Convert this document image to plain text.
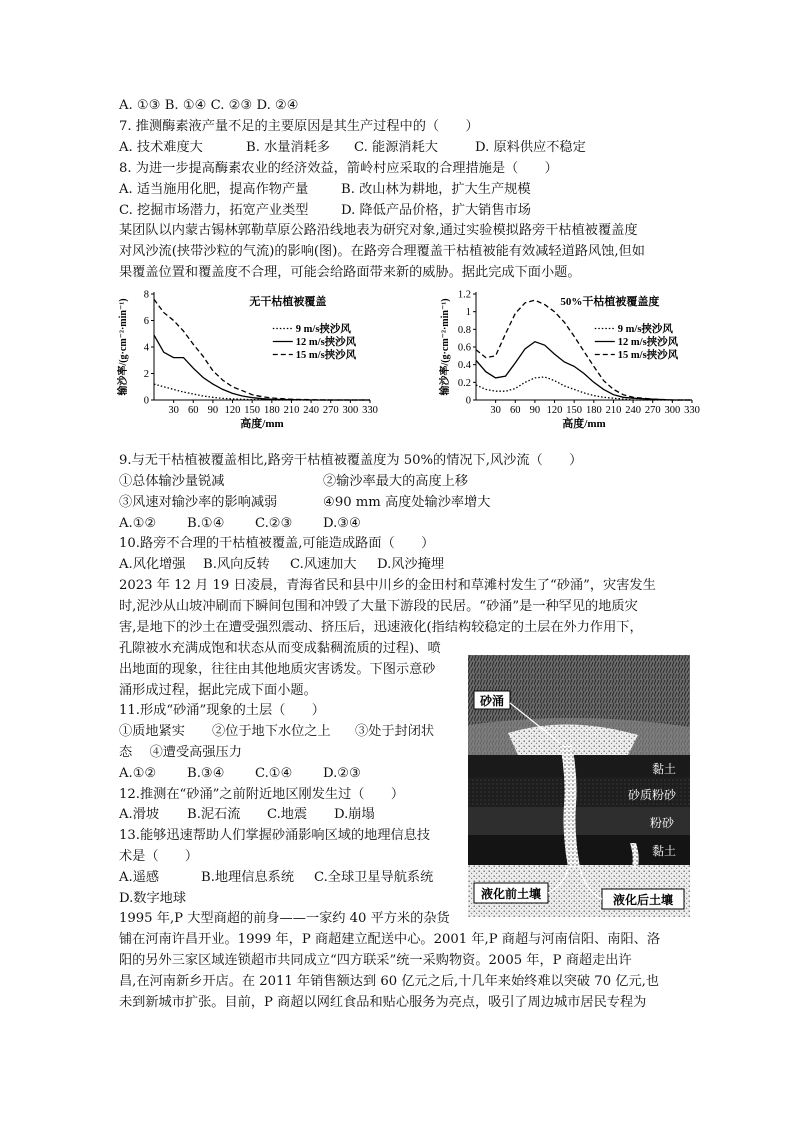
A. ①③ B. ①④ C. ②③ D. ②④
7. 推测酶素液产量不足的主要原因是其生产过程中的（　　）
A. 技术难度大	B. 水量消耗多 C. 能源消耗大	D. 原料供应不稳定
8. 为进一步提高酶素农业的经济效益，箭岭村应采取的合理措施是（　　）
A. 适当施用化肥，提高作物产量 B. 改山林为耕地，扩大生产规模
C. 挖掘市场潜力，拓宽产业类型 D. 降低产品价格，扩大销售市场
某团队以内蒙古锡林郭勒草原公路沿线地表为研究对象,通过实验模拟路旁干枯植被覆盖度
对风沙流(挟带沙粒的气流)的影响(图)。在路旁合理覆盖干枯植被能有效减轻道路风蚀,但如
果覆盖位置和覆盖度不合理，可能会给路面带来新的威胁。据此完成下面小题。
0
2
4
6
8
30 60 90 120 150 180 210 240 270 300 330
高度/mm
输沙率/(g·cm⁻²·min⁻¹)	无干枯植被覆盖
9 m/s挟沙风
12 m/s挟沙风
15 m/s挟沙风
0
0.2
0.4
0.6
0.8
1
1.2
30 60 90 120 150 180 210 240 270 300 330
高度/mm
输沙率/(g·cm⁻²·min⁻¹)	50%干枯植被覆盖度
9 m/s挟沙风
12 m/s挟沙风
15 m/s挟沙风
9.与无干枯植被覆盖相比,路旁干枯植被覆盖度为 50%的情况下,风沙流（　　）
①总体输沙量锐减	②输沙率最大的高度上移
③风速对输沙率的影响减弱	④90 mm 高度处输沙率增大
A.①② B.①④ C.②③ D.③④
10.路旁不合理的干枯植被覆盖,可能造成路面（　　）
A.风化增强 B.风向反转 C.风速加大 D.风沙掩埋
2023 年 12 月 19 日凌晨，青海省民和县中川乡的金田村和草滩村发生了“砂涌”，灾害发生
时,泥沙从山坡冲刷而下瞬间包围和冲毁了大量下游段的民居。“砂涌”是一种罕见的地质灾
害,是地下的沙土在遭受强烈震动、挤压后，迅速液化(指结构较稳定的土层在外力作用下，
孔隙被水充满成饱和状态从而变成黏稠流质的过程)、喷
出地面的现象，往往由其他地质灾害诱发。下图示意砂
涌形成过程，据此完成下面小题。
11.形成“砂涌”现象的土层（　　）
①质地紧实 ②位于地下水位之上 ③处于封闭状
态　 ④遭受高强压力
A.①② B.③④ C.①④ D.②③
12.推测在“砂涌”之前附近地区刚发生过（　　）
A.滑坡 B.泥石流 C.地震 D.崩塌
13.能够迅速帮助人们掌握砂涌影响区域的地理信息技
术是（　　）
A.遥感	B.地理信息系统 C.全球卫星导航系统
D.数字地球
1995 年,P 大型商超的前身——一家约 40 平方米的杂货
铺在河南许昌开业。1999 年，P 商超建立配送中心。2001 年,P 商超与河南信阳、南阳、洛
阳的另外三家区域连锁超市共同成立“四方联采”统一采购物资。2005 年，P 商超走出许
昌,在河南新乡开店。在 2011 年销售额达到 60 亿元之后,十几年来始终难以突破 70 亿元,也
未到新城市扩张。目前，P 商超以网红食品和贴心服务为亮点，吸引了周边城市居民专程为
砂涌
黏土
砂质粉砂
粉砂
黏土
液化前土壤	液化后土壤
